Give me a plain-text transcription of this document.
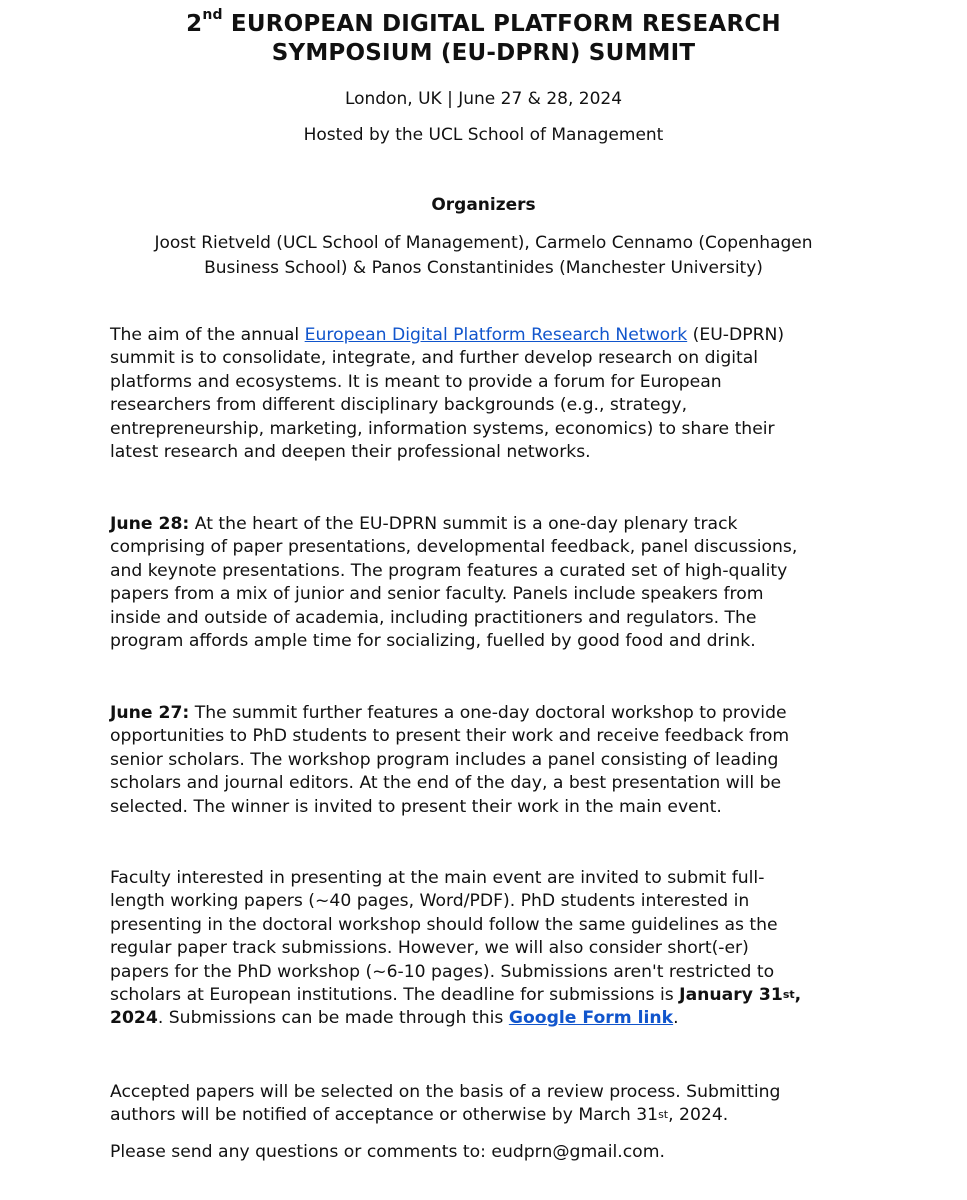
2nd EUROPEAN DIGITAL PLATFORM RESEARCH
SYMPOSIUM (EU-DPRN) SUMMIT
London, UK | June 27 & 28, 2024
Hosted by the UCL School of Management
Organizers
Joost Rietveld (UCL School of Management), Carmelo Cennamo (Copenhagen
Business School) & Panos Constantinides (Manchester University)
The aim of the annual European Digital Platform Research Network (EU-DPRN)
summit is to consolidate, integrate, and further develop research on digital
platforms and ecosystems. It is meant to provide a forum for European
researchers from different disciplinary backgrounds (e.g., strategy,
entrepreneurship, marketing, information systems, economics) to share their
latest research and deepen their professional networks.
June 28: At the heart of the EU-DPRN summit is a one-day plenary track
comprising of paper presentations, developmental feedback, panel discussions,
and keynote presentations. The program features a curated set of high-quality
papers from a mix of junior and senior faculty. Panels include speakers from
inside and outside of academia, including practitioners and regulators. The
program affords ample time for socializing, fuelled by good food and drink.
June 27: The summit further features a one-day doctoral workshop to provide
opportunities to PhD students to present their work and receive feedback from
senior scholars. The workshop program includes a panel consisting of leading
scholars and journal editors. At the end of the day, a best presentation will be
selected. The winner is invited to present their work in the main event.
Faculty interested in presenting at the main event are invited to submit full-
length working papers (~40 pages, Word/PDF). PhD students interested in
presenting in the doctoral workshop should follow the same guidelines as the
regular paper track submissions. However, we will also consider short(-er)
papers for the PhD workshop (~6-10 pages). Submissions aren't restricted to
scholars at European institutions. The deadline for submissions is January 31st,
2024. Submissions can be made through this Google Form link.
Accepted papers will be selected on the basis of a review process. Submitting
authors will be notified of acceptance or otherwise by March 31st, 2024.
Please send any questions or comments to: eudprn@gmail.com.
